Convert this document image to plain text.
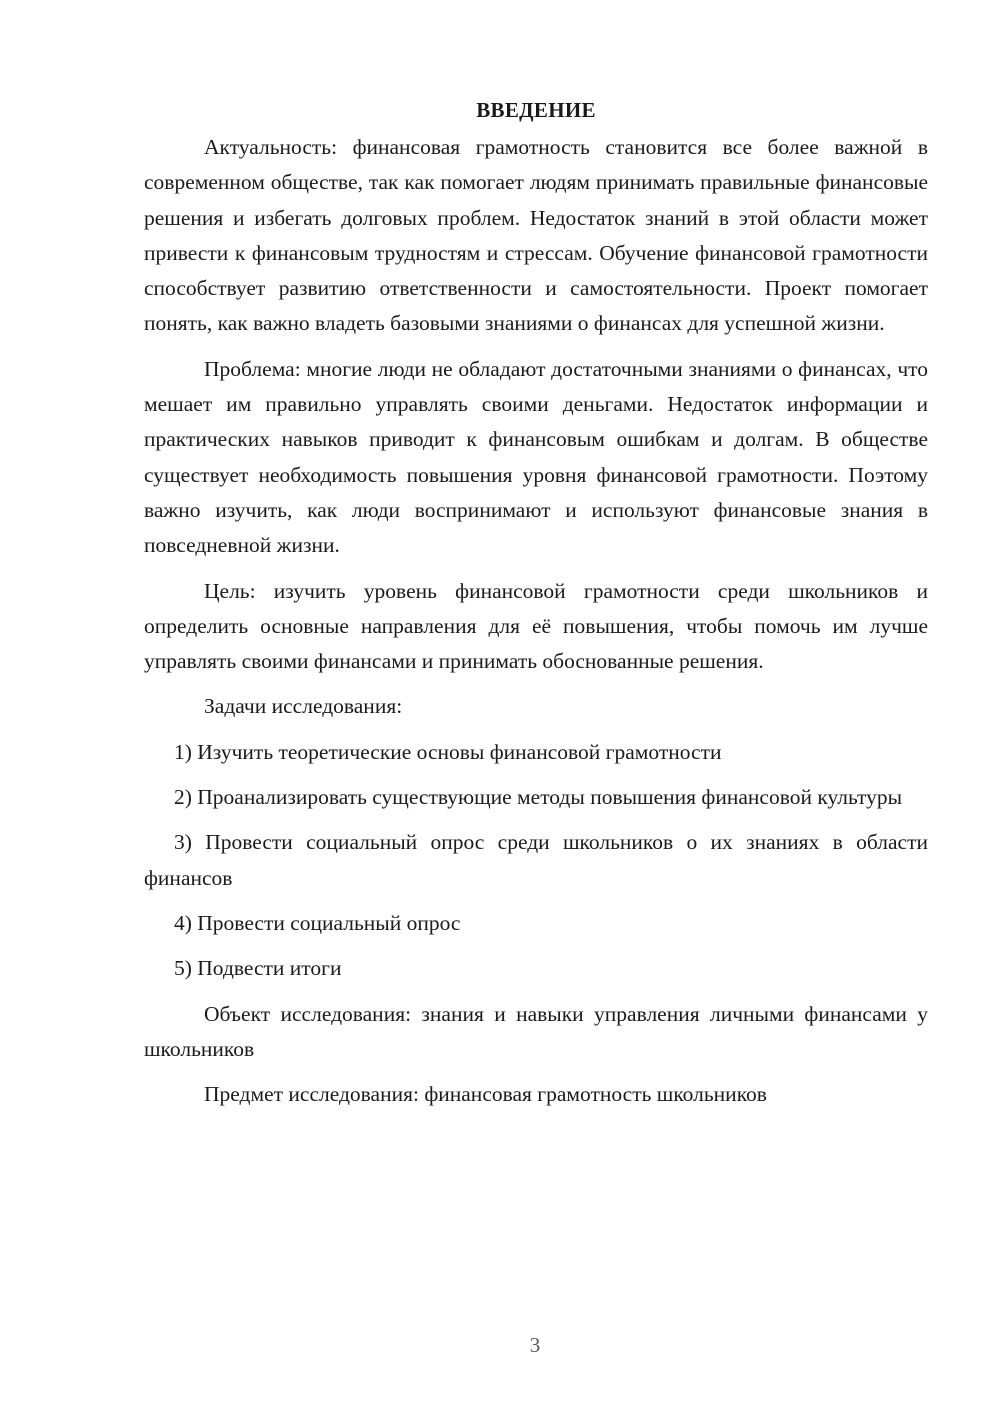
ВВЕДЕНИЕ

Актуальность: финансовая грамотность становится все более важной в современном обществе, так как помогает людям принимать правильные финансовые решения и избегать долговых проблем. Недостаток знаний в этой области может привести к финансовым трудностям и стрессам. Обучение финансовой грамотности способствует развитию ответственности и самостоятельности. Проект помогает понять, как важно владеть базовыми знаниями о финансах для успешной жизни.

Проблема: многие люди не обладают достаточными знаниями о финансах, что мешает им правильно управлять своими деньгами. Недостаток информации и практических навыков приводит к финансовым ошибкам и долгам. В обществе существует необходимость повышения уровня финансовой грамотности. Поэтому важно изучить, как люди воспринимают и используют финансовые знания в повседневной жизни.

Цель: изучить уровень финансовой грамотности среди школьников и определить основные направления для её повышения, чтобы помочь им лучше управлять своими финансами и принимать обоснованные решения.

Задачи исследования:

1) Изучить теоретические основы финансовой грамотности

2) Проанализировать существующие методы повышения финансовой культуры

3) Провести социальный опрос среди школьников о их знаниях в области финансов

4) Провести социальный опрос

5) Подвести итоги

Объект исследования: знания и навыки управления личными финансами у школьников

Предмет исследования: финансовая грамотность школьников

3
